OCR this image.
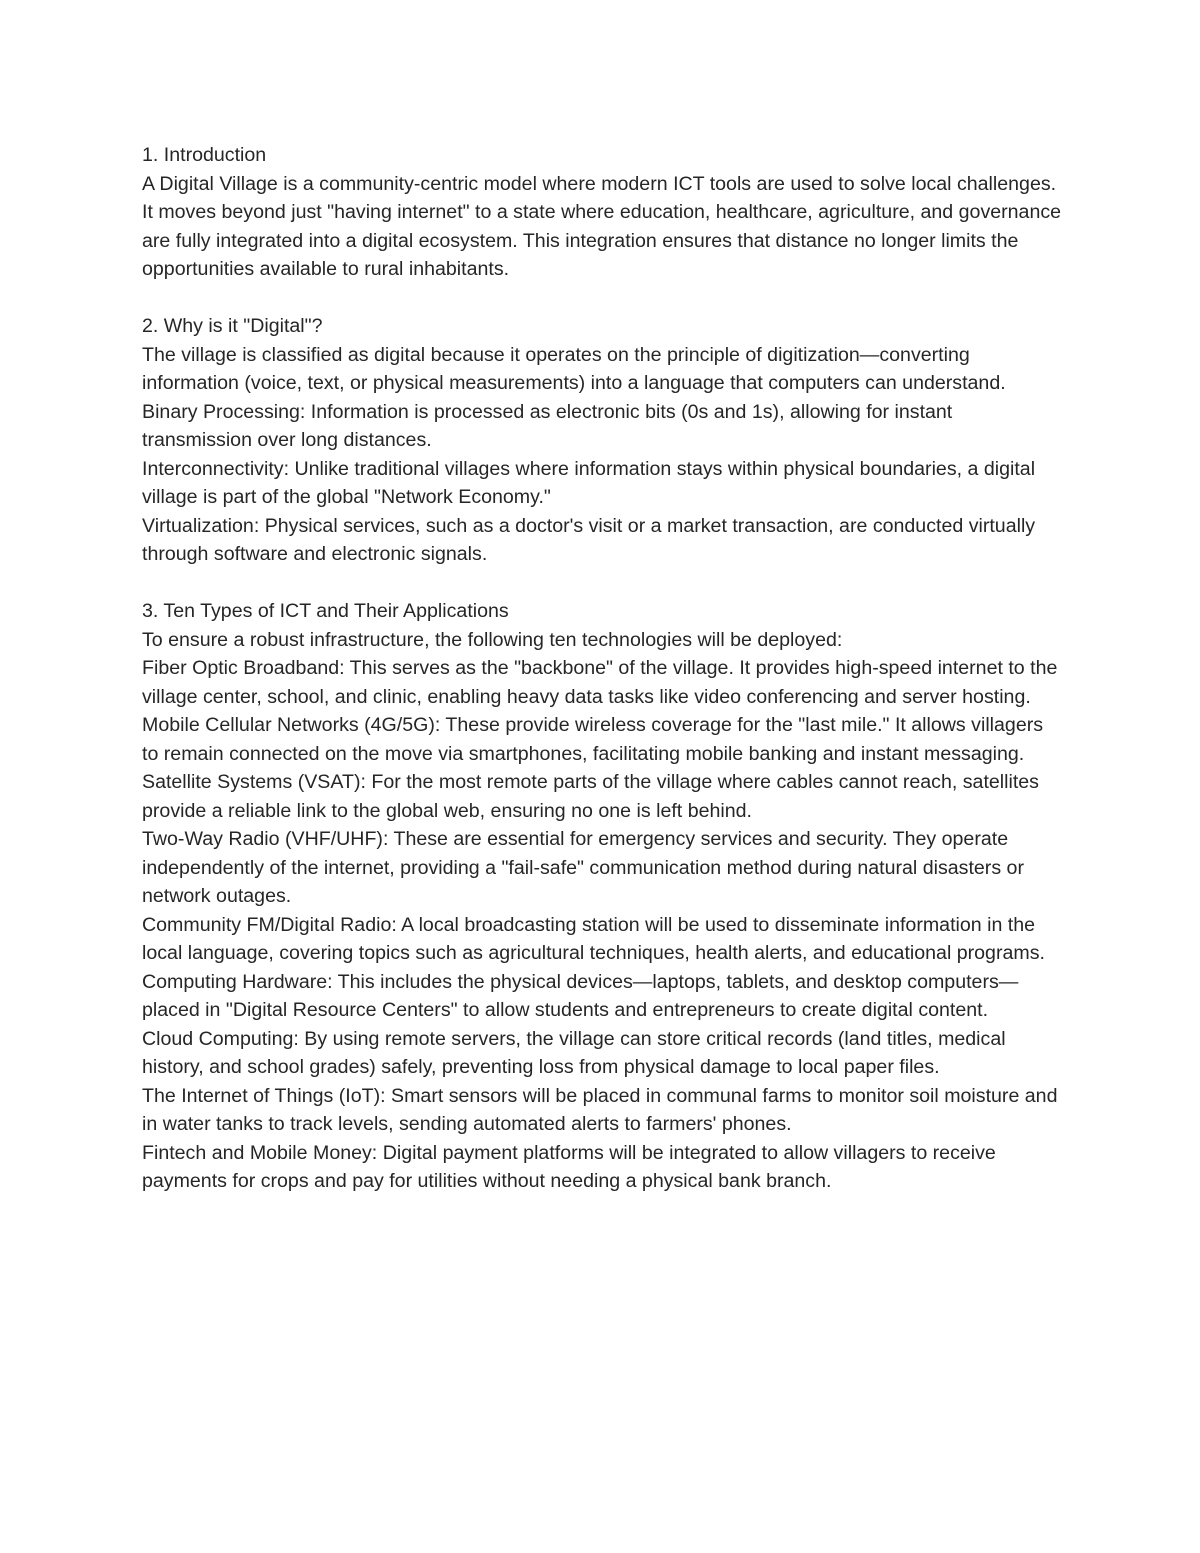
1. Introduction

A Digital Village is a community-centric model where modern ICT tools are used to solve local challenges. It moves beyond just "having internet" to a state where education, healthcare, agriculture, and governance are fully integrated into a digital ecosystem. This integration ensures that distance no longer limits the opportunities available to rural inhabitants.

2. Why is it "Digital"?

The village is classified as digital because it operates on the principle of digitization—converting information (voice, text, or physical measurements) into a language that computers can understand.

Binary Processing: Information is processed as electronic bits (0s and 1s), allowing for instant transmission over long distances.

Interconnectivity: Unlike traditional villages where information stays within physical boundaries, a digital village is part of the global "Network Economy."

Virtualization: Physical services, such as a doctor's visit or a market transaction, are conducted virtually through software and electronic signals.

3. Ten Types of ICT and Their Applications

To ensure a robust infrastructure, the following ten technologies will be deployed:

Fiber Optic Broadband: This serves as the "backbone" of the village. It provides high-speed internet to the village center, school, and clinic, enabling heavy data tasks like video conferencing and server hosting.

Mobile Cellular Networks (4G/5G): These provide wireless coverage for the "last mile." It allows villagers to remain connected on the move via smartphones, facilitating mobile banking and instant messaging.

Satellite Systems (VSAT): For the most remote parts of the village where cables cannot reach, satellites provide a reliable link to the global web, ensuring no one is left behind.

Two-Way Radio (VHF/UHF): These are essential for emergency services and security. They operate independently of the internet, providing a "fail-safe" communication method during natural disasters or network outages.

Community FM/Digital Radio: A local broadcasting station will be used to disseminate information in the local language, covering topics such as agricultural techniques, health alerts, and educational programs.

Computing Hardware: This includes the physical devices—laptops, tablets, and desktop computers—placed in "Digital Resource Centers" to allow students and entrepreneurs to create digital content.

Cloud Computing: By using remote servers, the village can store critical records (land titles, medical history, and school grades) safely, preventing loss from physical damage to local paper files.

The Internet of Things (IoT): Smart sensors will be placed in communal farms to monitor soil moisture and in water tanks to track levels, sending automated alerts to farmers' phones.

Fintech and Mobile Money: Digital payment platforms will be integrated to allow villagers to receive payments for crops and pay for utilities without needing a physical bank branch.
